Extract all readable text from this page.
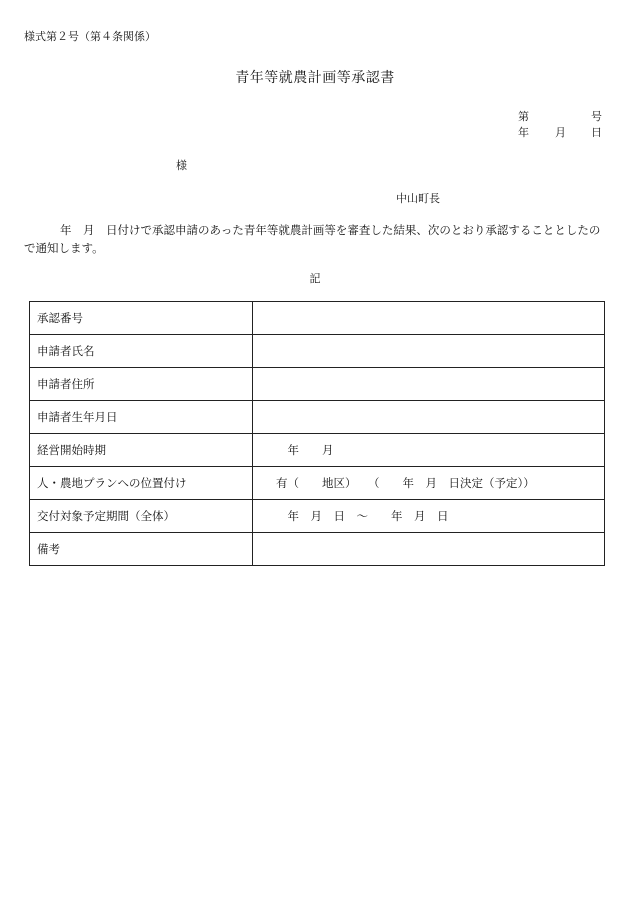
様式第２号（第４条関係）
青年等就農計画等承認書
第	号
年 月 日
様
中山町長
年　月　日付けで承認申請のあった青年等就農計画等を審査した結果、次のとおり承認することとしたので通知します。
記
承認番号	
申請者氏名	
申請者住所	
申請者生年月日	
経営開始時期	　　　年　　月
人・農地プランへの位置付け	　　有（　　地区）　　（　　年　月　日決定（予定））
交付対象予定期間（全体）	　　　年　月　日　～　　年　月　日
備考	
